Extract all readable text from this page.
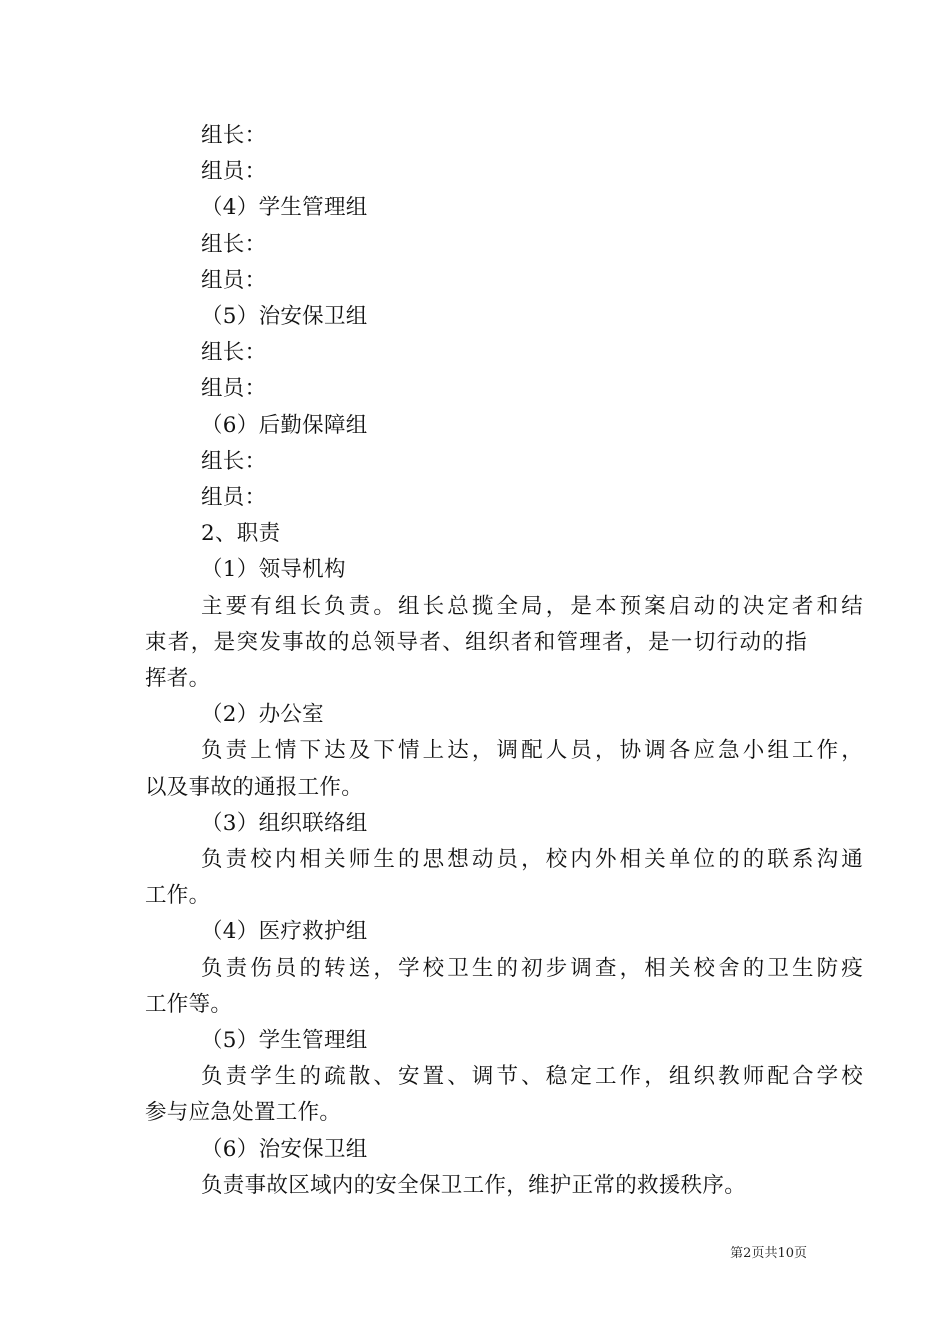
组长：
组员：
（4）学生管理组
组长：
组员：
（5）治安保卫组
组长：
组员：
（6）后勤保障组
组长：
组员：
2、职责
（1）领导机构
主要有组长负责。组长总揽全局，是本预案启动的决定者和结
束者，是突发事故的总领导者、组织者和管理者，是一切行动的指
挥者。
（2）办公室
负责上情下达及下情上达，调配人员，协调各应急小组工作，
以及事故的通报工作。
（3）组织联络组
负责校内相关师生的思想动员，校内外相关单位的的联系沟通
工作。
（4）医疗救护组
负责伤员的转送，学校卫生的初步调查，相关校舍的卫生防疫
工作等。
（5）学生管理组
负责学生的疏散、安置、调节、稳定工作，组织教师配合学校
参与应急处置工作。
（6）治安保卫组
负责事故区域内的安全保卫工作，维护正常的救援秩序。
第2页共10页
